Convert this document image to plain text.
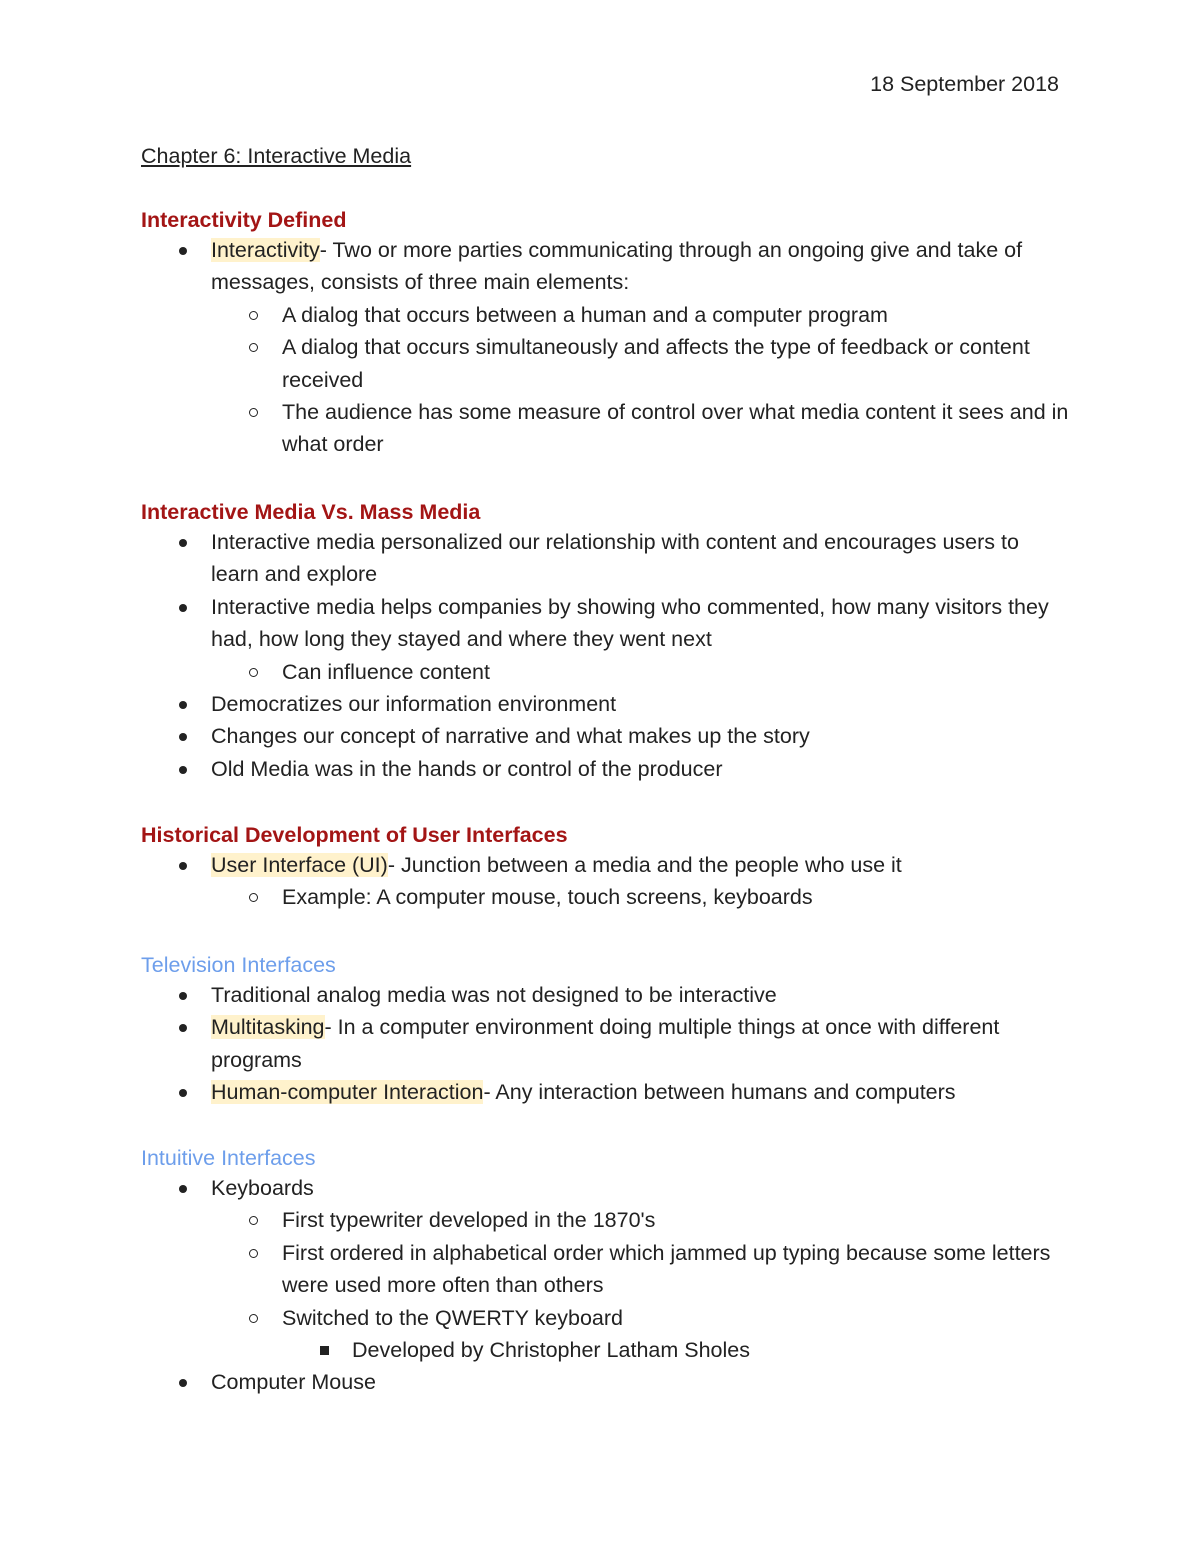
18 September 2018
Chapter 6: Interactive Media
Interactivity Defined
Interactivity- Two or more parties communicating through an ongoing give and take of messages, consists of three main elements:
A dialog that occurs between a human and a computer program
A dialog that occurs simultaneously and affects the type of feedback or content received
The audience has some measure of control over what media content it sees and in what order
Interactive Media Vs. Mass Media
Interactive media personalized our relationship with content and encourages users to learn and explore
Interactive media helps companies by showing who commented, how many visitors they had, how long they stayed and where they went next
Can influence content
Democratizes our information environment
Changes our concept of narrative and what makes up the story
Old Media was in the hands or control of the producer
Historical Development of User Interfaces
User Interface (UI)- Junction between a media and the people who use it
Example: A computer mouse, touch screens, keyboards
Television Interfaces
Traditional analog media was not designed to be interactive
Multitasking- In a computer environment doing multiple things at once with different programs
Human-computer Interaction- Any interaction between humans and computers
Intuitive Interfaces
Keyboards
First typewriter developed in the 1870's
First ordered in alphabetical order which jammed up typing because some letters were used more often than others
Switched to the QWERTY keyboard
Developed by Christopher Latham Sholes
Computer Mouse
